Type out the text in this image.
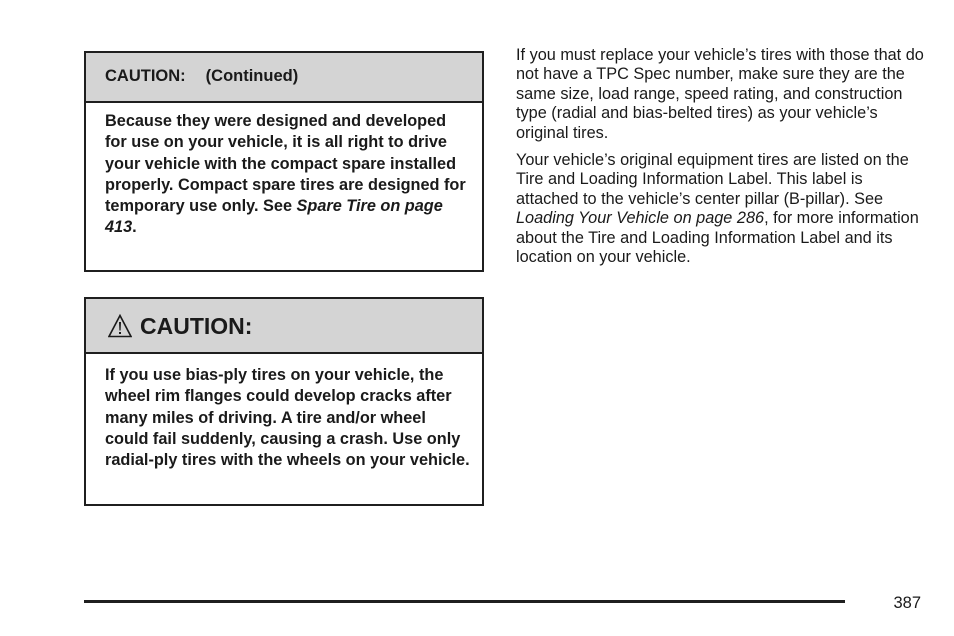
CAUTION: (Continued)
Because they were designed and developed for use on your vehicle, it is all right to drive your vehicle with the compact spare installed properly. Compact spare tires are designed for temporary use only. See Spare Tire on page 413.
CAUTION:
If you use bias-ply tires on your vehicle, the wheel rim flanges could develop cracks after many miles of driving. A tire and/or wheel could fail suddenly, causing a crash. Use only radial-ply tires with the wheels on your vehicle.

If you must replace your vehicle’s tires with those that do not have a TPC Spec number, make sure they are the same size, load range, speed rating, and construction type (radial and bias-belted tires) as your vehicle’s original tires.

Your vehicle’s original equipment tires are listed on the Tire and Loading Information Label. This label is attached to the vehicle’s center pillar (B-pillar). See Loading Your Vehicle on page 286, for more information about the Tire and Loading Information Label and its location on your vehicle.

387
